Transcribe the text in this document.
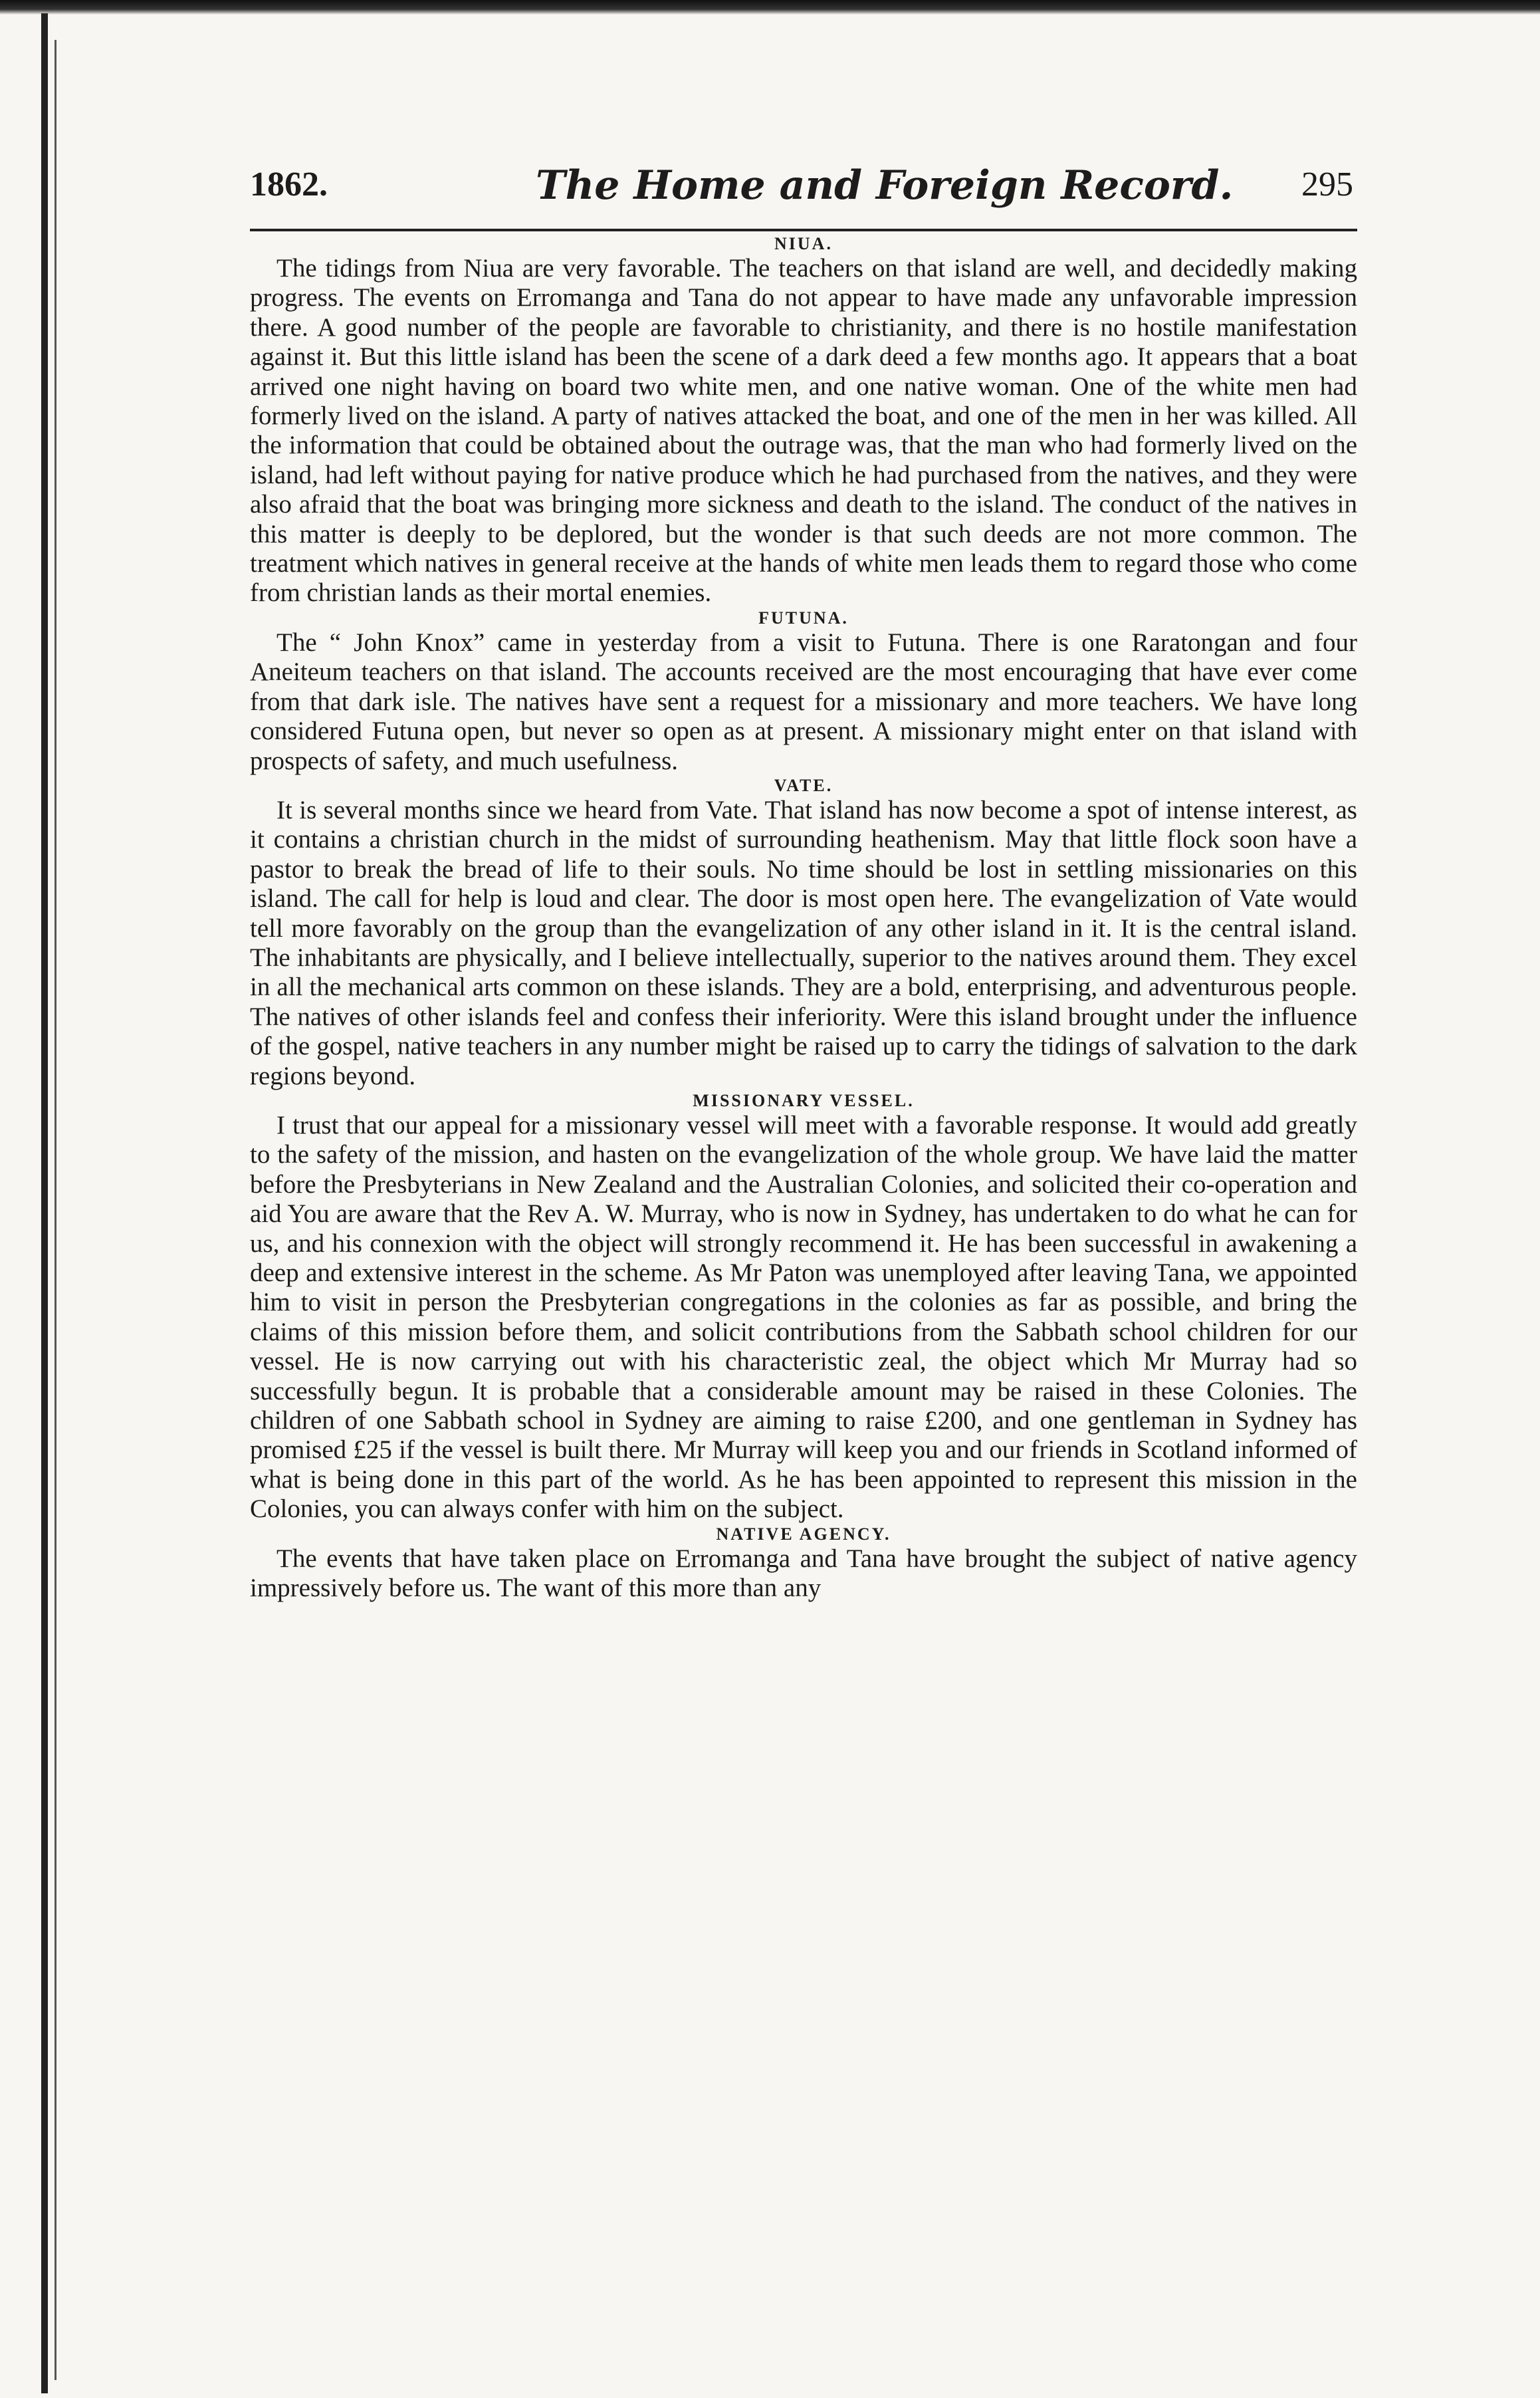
1862.	The Home and Foreign Record. 295
NIUA.

The tidings from Niua are very favorable. The teachers on that island are well, and decidedly making progress. The events on Erromanga and Tana do not appear to have made any unfavorable impression there. A good number of the people are favorable to christianity, and there is no hostile manifestation against it. But this little island has been the scene of a dark deed a few months ago. It appears that a boat arrived one night having on board two white men, and one native woman. One of the white men had formerly lived on the island. A party of natives attacked the boat, and one of the men in her was killed. All the information that could be obtained about the outrage was, that the man who had formerly lived on the island, had left without paying for native produce which he had purchased from the natives, and they were also afraid that the boat was bringing more sickness and death to the island. The conduct of the natives in this matter is deeply to be deplored, but the wonder is that such deeds are not more common. The treatment which natives in general receive at the hands of white men leads them to regard those who come from christian lands as their mortal enemies.

FUTUNA.

The “ John Knox” came in yesterday from a visit to Futuna. There is one Raratongan and four Aneiteum teachers on that island. The accounts received are the most encouraging that have ever come from that dark isle. The natives have sent a request for a missionary and more teachers. We have long considered Futuna open, but never so open as at present. A missionary might enter on that island with prospects of safety, and much usefulness.

VATE.

It is several months since we heard from Vate. That island has now become a spot of intense interest, as it contains a christian church in the midst of surrounding heathenism. May that little flock soon have a pastor to break the bread of life to their souls. No time should be lost in settling missionaries on this island. The call for help is loud and clear. The door is most open here. The evangelization of Vate would tell more favorably on the group than the evangelization of any other island in it. It is the central island. The inhabitants are physically, and I believe intellectually, superior to the natives around them. They excel in all the mechanical arts common on these islands. They are a bold, enterprising, and adventurous people. The natives of other islands feel and confess their inferiority. Were this island brought under the influence of the gospel, native teachers in any number might be raised up to carry the tidings of salvation to the dark regions beyond.

MISSIONARY VESSEL.

I trust that our appeal for a missionary vessel will meet with a favorable response. It would add greatly to the safety of the mission, and hasten on the evangelization of the whole group. We have laid the matter before the Presbyterians in New Zealand and the Australian Colonies, and solicited their co-operation and aid You are aware that the Rev A. W. Murray, who is now in Sydney, has undertaken to do what he can for us, and his connexion with the object will strongly recommend it. He has been successful in awakening a deep and extensive interest in the scheme. As Mr Paton was unemployed after leaving Tana, we appointed him to visit in person the Presbyterian congregations in the colonies as far as possible, and bring the claims of this mission before them, and solicit contributions from the Sabbath school children for our vessel. He is now carrying out with his characteristic zeal, the object which Mr Murray had so successfully begun. It is probable that a considerable amount may be raised in these Colonies. The children of one Sabbath school in Sydney are aiming to raise £200, and one gentleman in Sydney has promised £25 if the vessel is built there. Mr Murray will keep you and our friends in Scotland informed of what is being done in this part of the world. As he has been appointed to represent this mission in the Colonies, you can always confer with him on the subject.

NATIVE AGENCY.

The events that have taken place on Erromanga and Tana have brought the subject of native agency impressively before us. The want of this more than any
